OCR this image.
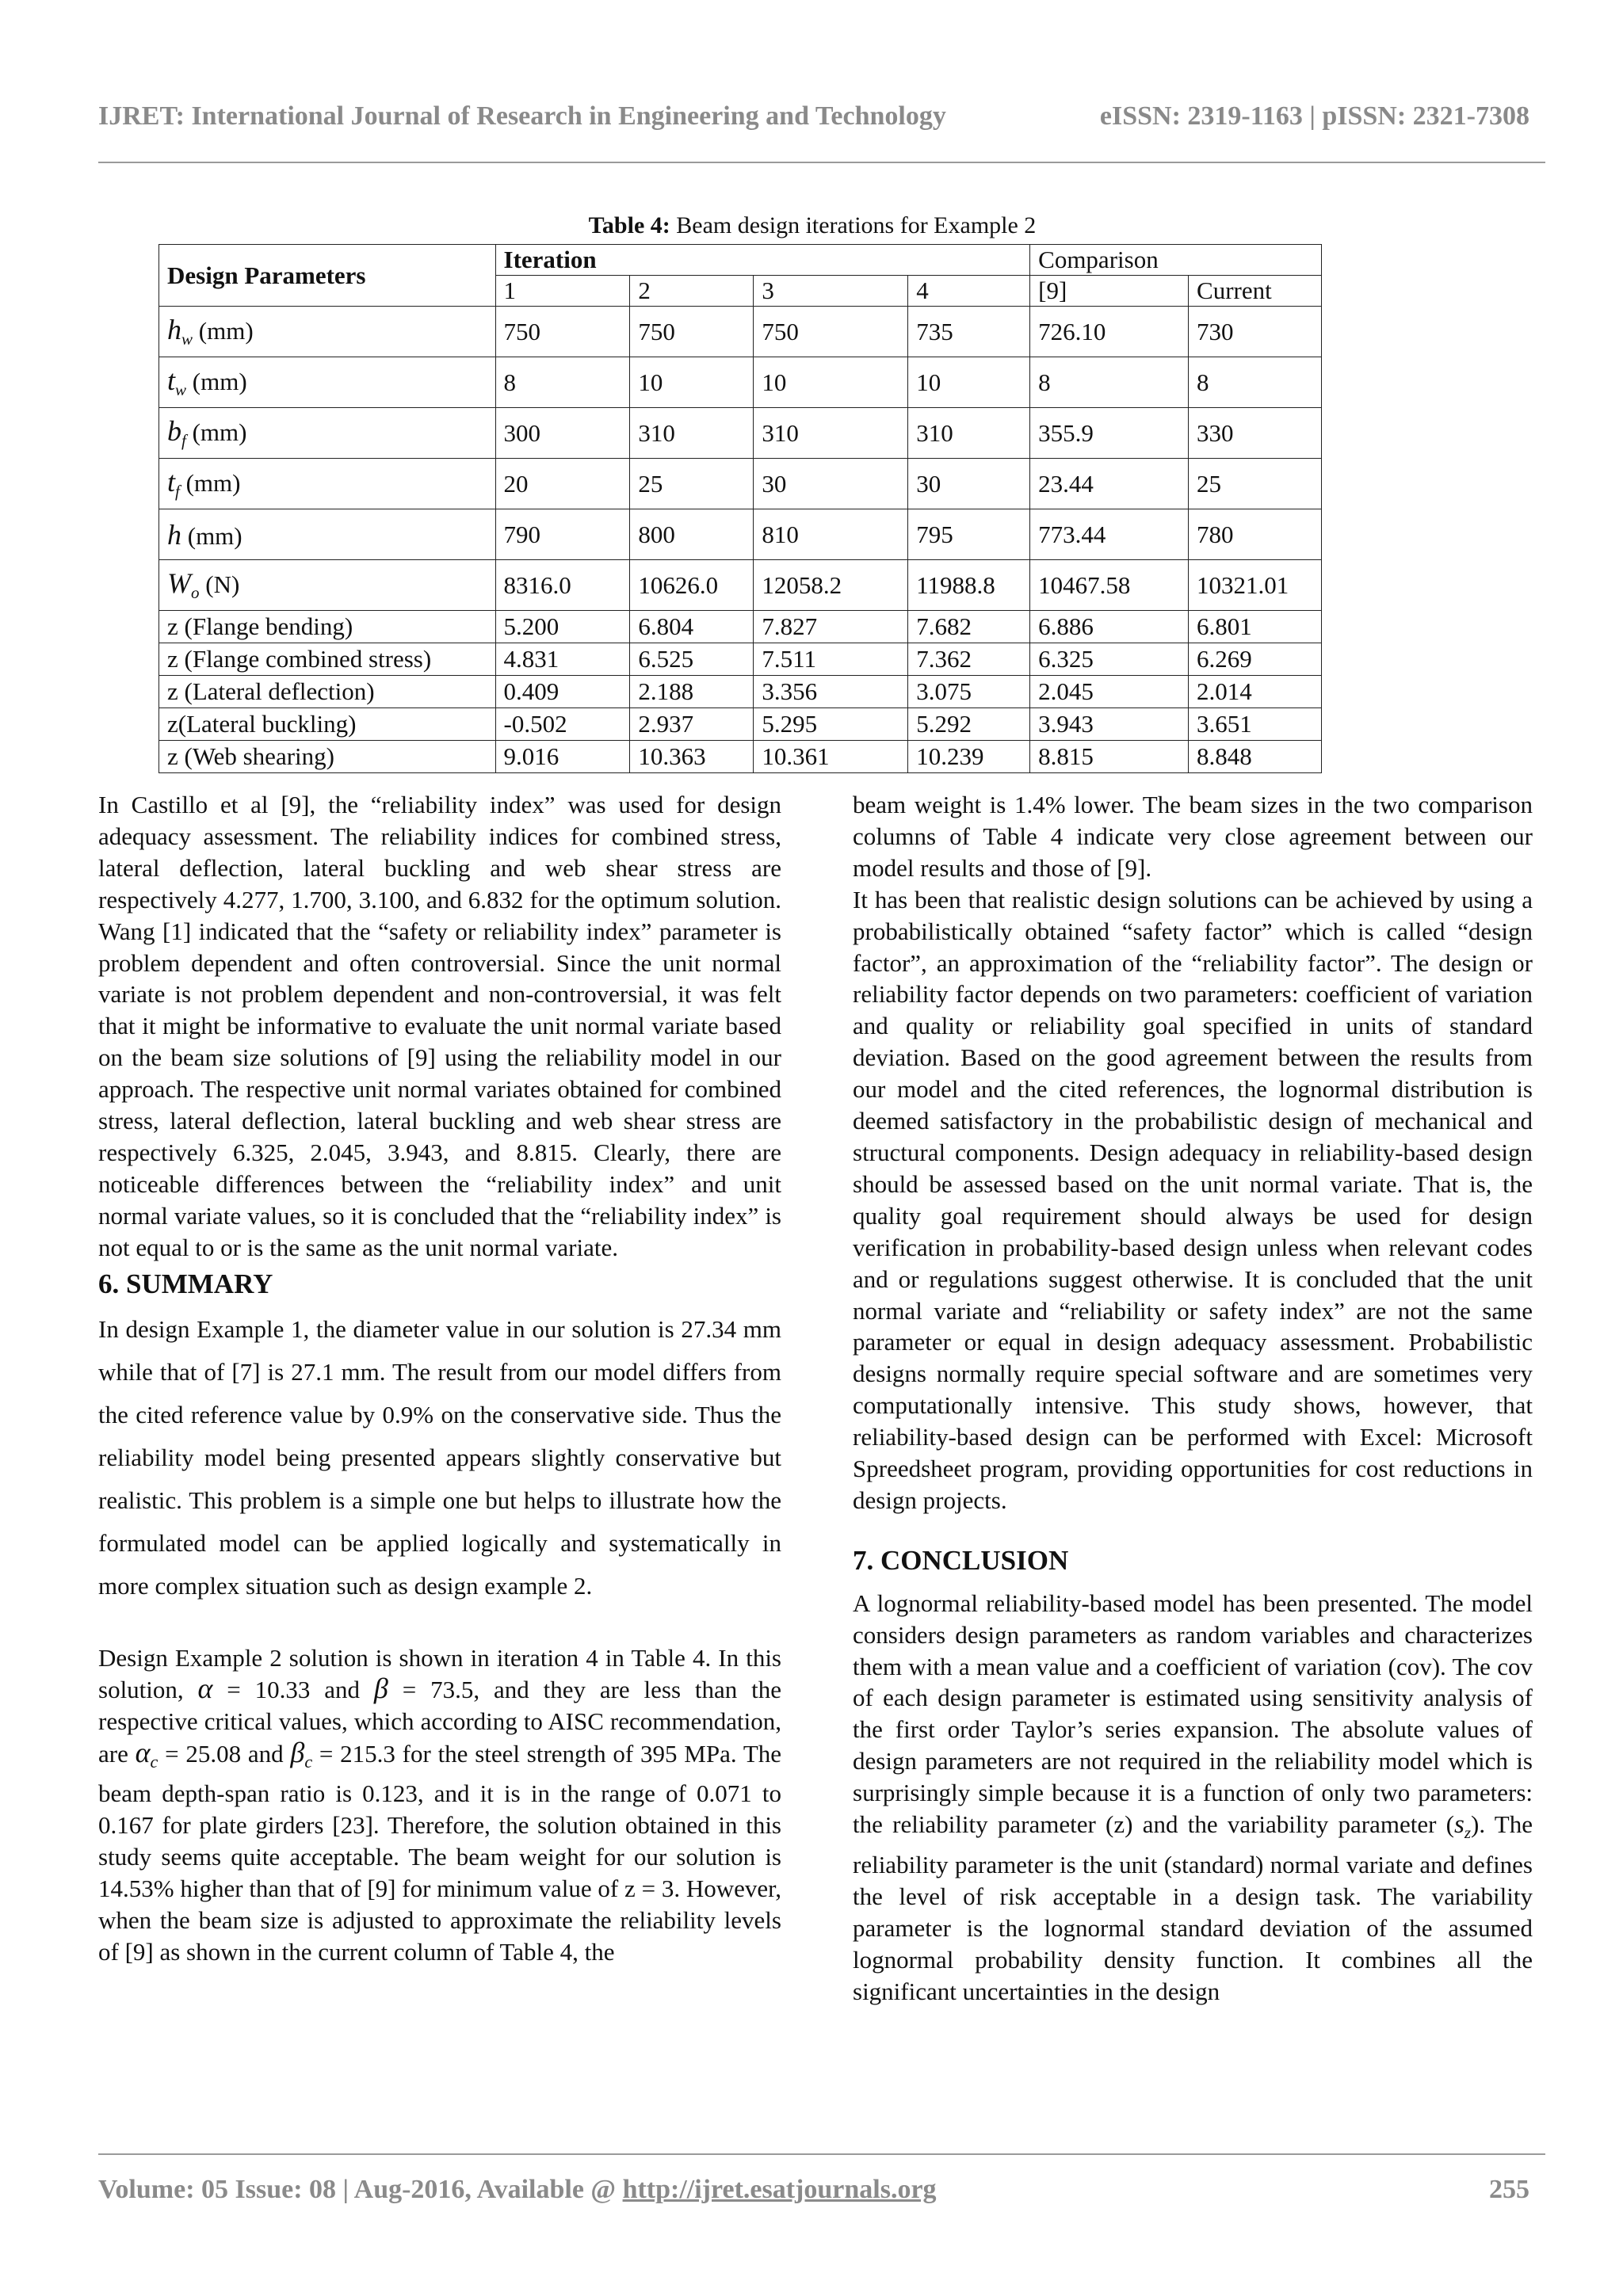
IJRET: International Journal of Research in Engineering and Technology	eISSN: 2319-1163 | pISSN: 2321-7308
Table 4: Beam design iterations for Example 2
Design Parameters	Iteration				Comparison	
	1	2	3	4	[9]	Current
$h_w$ (mm)	750	750	750	735	726.10	730
$t_w$ (mm)	8	10	10	10	8	8
$b_f$ (mm)	300	310	310	310	355.9	330
$t_f$ (mm)	20	25	30	30	23.44	25
h (mm)	790	800	810	795	773.44	780
$W_o$ (N)	8316.0	10626.0	12058.2	11988.8	10467.58	10321.01
z (Flange bending)	5.200	6.804	7.827	7.682	6.886	6.801
z (Flange combined stress)	4.831	6.525	7.511	7.362	6.325	6.269
z (Lateral deflection)	0.409	2.188	3.356	3.075	2.045	2.014
z(Lateral buckling)	-0.502	2.937	5.295	5.292	3.943	3.651
z (Web shearing)	9.016	10.363	10.361	10.239	8.815	8.848

In Castillo et al [9], the “reliability index” was used for design adequacy assessment. The reliability indices for combined stress, lateral deflection, lateral buckling and web shear stress are respectively 4.277, 1.700, 3.100, and 6.832 for the optimum solution. Wang [1] indicated that the “safety or reliability index” parameter is problem dependent and often controversial. Since the unit normal variate is not problem dependent and non-controversial, it was felt that it might be informative to evaluate the unit normal variate based on the beam size solutions of [9] using the reliability model in our approach. The respective unit normal variates obtained for combined stress, lateral deflection, lateral buckling and web shear stress are respectively 6.325, 2.045, 3.943, and 8.815. Clearly, there are noticeable differences between the “reliability index” and unit normal variate values, so it is concluded that the “reliability index” is not equal to or is the same as the unit normal variate.

6. SUMMARY

In design Example 1, the diameter value in our solution is 27.34 mm while that of [7] is 27.1 mm. The result from our model differs from the cited reference value by 0.9% on the conservative side. Thus the reliability model being presented appears slightly conservative but realistic. This problem is a simple one but helps to illustrate how the formulated model can be applied logically and systematically in more complex situation such as design example 2.

Design Example 2 solution is shown in iteration 4 in Table 4. In this solution, α = 10.33 and β = 73.5, and they are less than the respective critical values, which according to AISC recommendation, are $\alpha_c = 25.08$ and $\beta_c = 215.3$ for the steel strength of 395 MPa. The beam depth-span ratio is 0.123, and it is in the range of 0.071 to 0.167 for plate girders [23]. Therefore, the solution obtained in this study seems quite acceptable. The beam weight for our solution is 14.53% higher than that of [9] for minimum value of z = 3. However, when the beam size is adjusted to approximate the reliability levels of [9] as shown in the current column of Table 4, the

beam weight is 1.4% lower. The beam sizes in the two comparison columns of Table 4 indicate very close agreement between our model results and those of [9].

It has been that realistic design solutions can be achieved by using a probabilistically obtained “safety factor” which is called “design factor”, an approximation of the “reliability factor”. The design or reliability factor depends on two parameters: coefficient of variation and quality or reliability goal specified in units of standard deviation. Based on the good agreement between the results from our model and the cited references, the lognormal distribution is deemed satisfactory in the probabilistic design of mechanical and structural components. Design adequacy in reliability-based design should be assessed based on the unit normal variate. That is, the quality goal requirement should always be used for design verification in probability-based design unless when relevant codes and or regulations suggest otherwise. It is concluded that the unit normal variate and “reliability or safety index” are not the same parameter or equal in design adequacy assessment. Probabilistic designs normally require special software and are sometimes very computationally intensive. This study shows, however, that reliability-based design can be performed with Excel: Microsoft Spreedsheet program, providing opportunities for cost reductions in design projects.

7. CONCLUSION

A lognormal reliability-based model has been presented. The model considers design parameters as random variables and characterizes them with a mean value and a coefficient of variation (cov). The cov of each design parameter is estimated using sensitivity analysis of the first order Taylor’s series expansion. The absolute values of design parameters are not required in the reliability model which is surprisingly simple because it is a function of only two parameters: the reliability parameter (z) and the variability parameter $(s_z)$. The reliability parameter is the unit (standard) normal variate and defines the level of risk acceptable in a design task. The variability parameter is the lognormal standard deviation of the assumed lognormal probability density function. It combines all the significant uncertainties in the design

Volume: 05 Issue: 08 | Aug-2016, Available @ http://ijret.esatjournals.org	255
